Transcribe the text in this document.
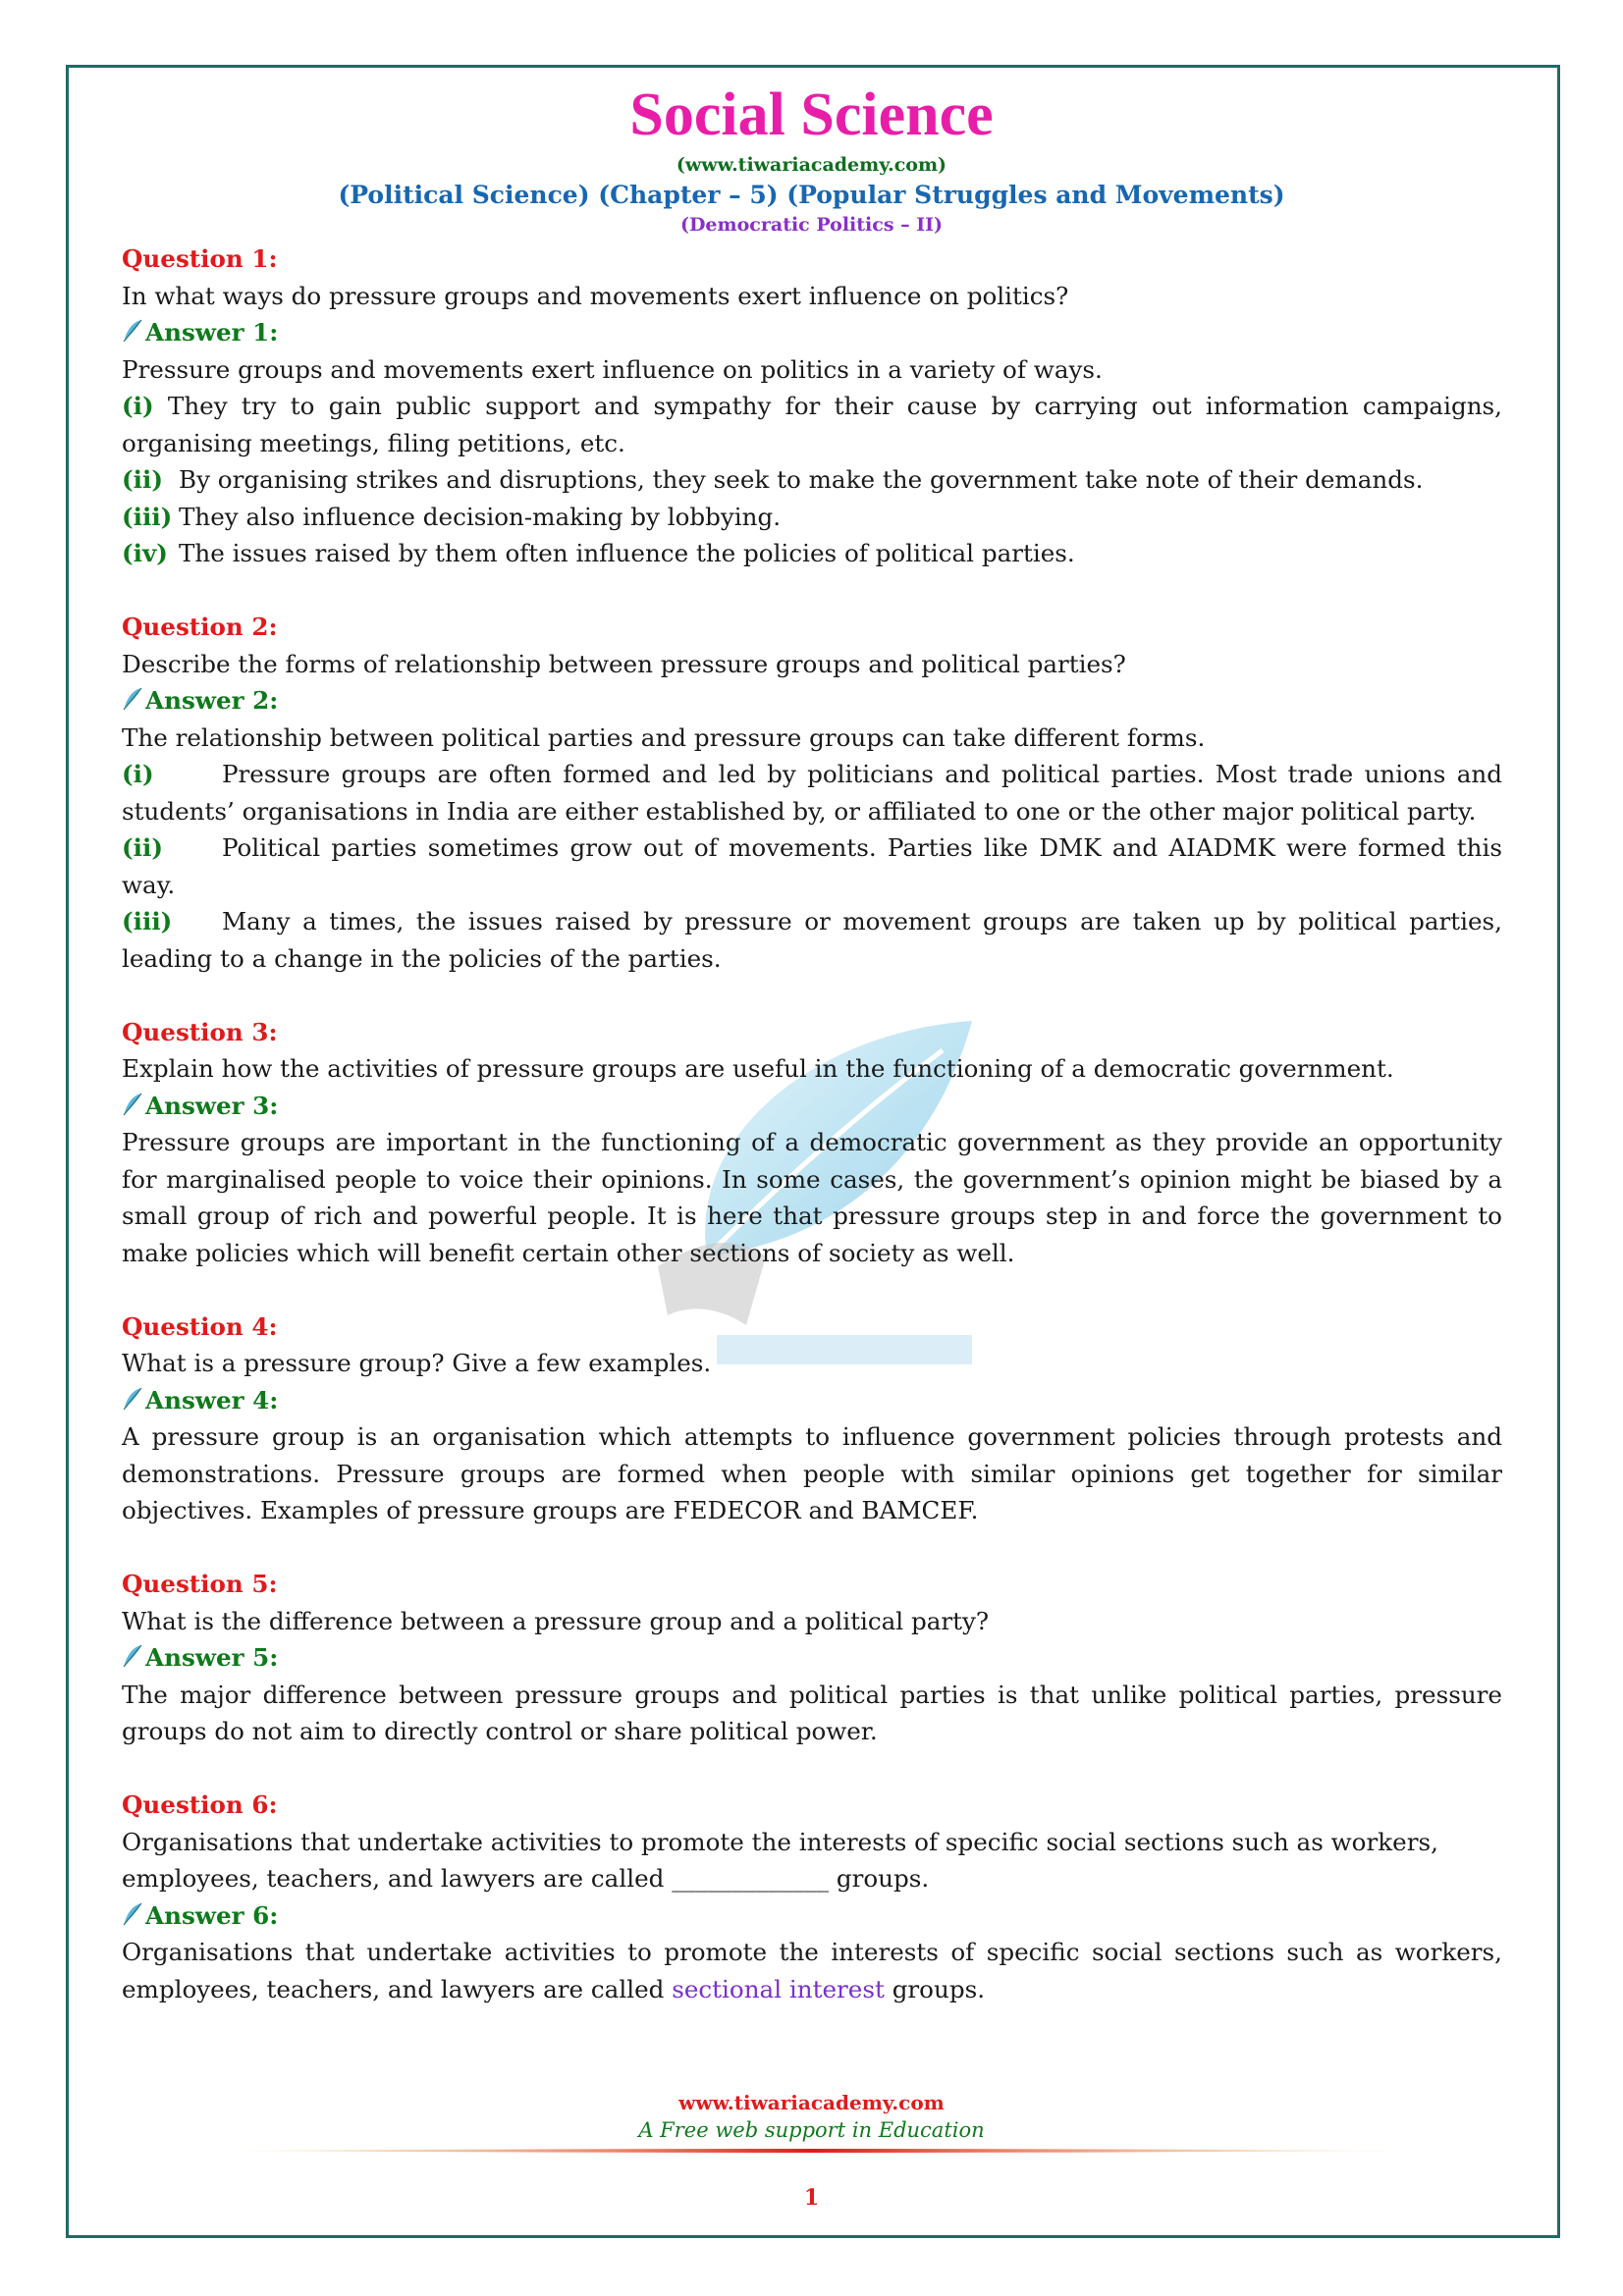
Social Science
(www.tiwariacademy.com)
(Political Science) (Chapter – 5) (Popular Struggles and Movements)
(Democratic Politics – II)
Question 1:
In what ways do pressure groups and movements exert influence on politics?
Answer 1:
Pressure groups and movements exert influence on politics in a variety of ways.
(i) They try to gain public support and sympathy for their cause by carrying out information campaigns, organising meetings, filing petitions, etc.
(ii) By organising strikes and disruptions, they seek to make the government take note of their demands.
(iii) They also influence decision-making by lobbying.
(iv) The issues raised by them often influence the policies of political parties.
Question 2:
Describe the forms of relationship between pressure groups and political parties?
Answer 2:
The relationship between political parties and pressure groups can take different forms.
(i)	Pressure groups are often formed and led by politicians and political parties. Most trade unions and students’ organisations in India are either established by, or affiliated to one or the other major political party.
(ii) Political parties sometimes grow out of movements. Parties like DMK and AIADMK were formed this way.
(iii) Many a times, the issues raised by pressure or movement groups are taken up by political parties, leading to a change in the policies of the parties.
Question 3:
Explain how the activities of pressure groups are useful in the functioning of a democratic government.
Answer 3:
Pressure groups are important in the functioning of a democratic government as they provide an opportunity for marginalised people to voice their opinions. In some cases, the government’s opinion might be biased by a small group of rich and powerful people. It is here that pressure groups step in and force the government to make policies which will benefit certain other sections of society as well.
Question 4:
What is a pressure group? Give a few examples.
Answer 4:
A pressure group is an organisation which attempts to influence government policies through protests and demonstrations. Pressure groups are formed when people with similar opinions get together for similar objectives. Examples of pressure groups are FEDECOR and BAMCEF.
Question 5:
What is the difference between a pressure group and a political party?
Answer 5:
The major difference between pressure groups and political parties is that unlike political parties, pressure groups do not aim to directly control or share political power.
Question 6:
Organisations that undertake activities to promote the interests of specific social sections such as workers, employees, teachers, and lawyers are called _____________ groups.
Answer 6:
Organisations that undertake activities to promote the interests of specific social sections such as workers, employees, teachers, and lawyers are called sectional interest groups.
www.tiwariacademy.com
A Free web support in Education
1
